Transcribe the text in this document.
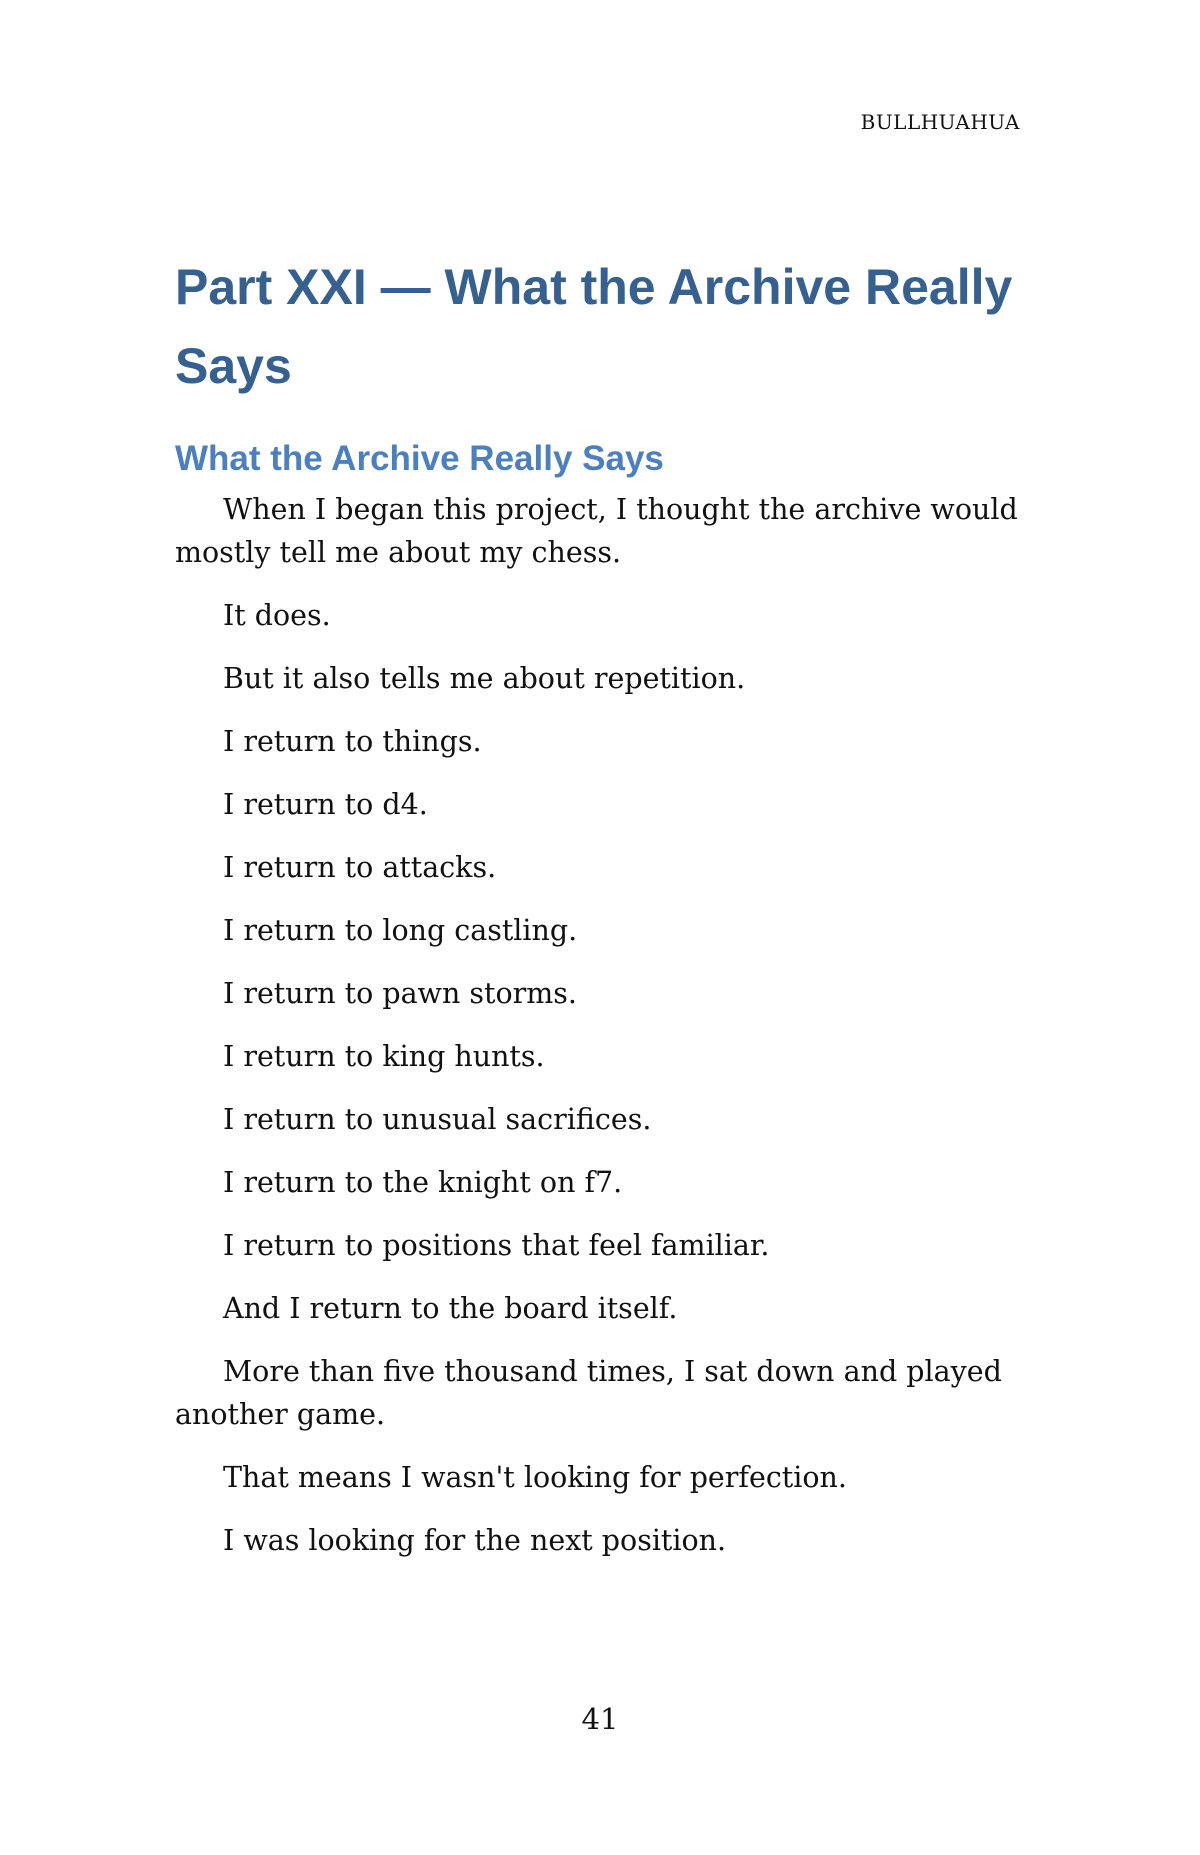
BULLHUAHUA
Part XXI — What the Archive Really Says
What the Archive Really Says

When I began this project, I thought the archive would mostly tell me about my chess.

It does.

But it also tells me about repetition.

I return to things.

I return to d4.

I return to attacks.

I return to long castling.

I return to pawn storms.

I return to king hunts.

I return to unusual sacrifices.

I return to the knight on f7.

I return to positions that feel familiar.

And I return to the board itself.

More than five thousand times, I sat down and played another game.

That means I wasn't looking for perfection.

I was looking for the next position.

41
